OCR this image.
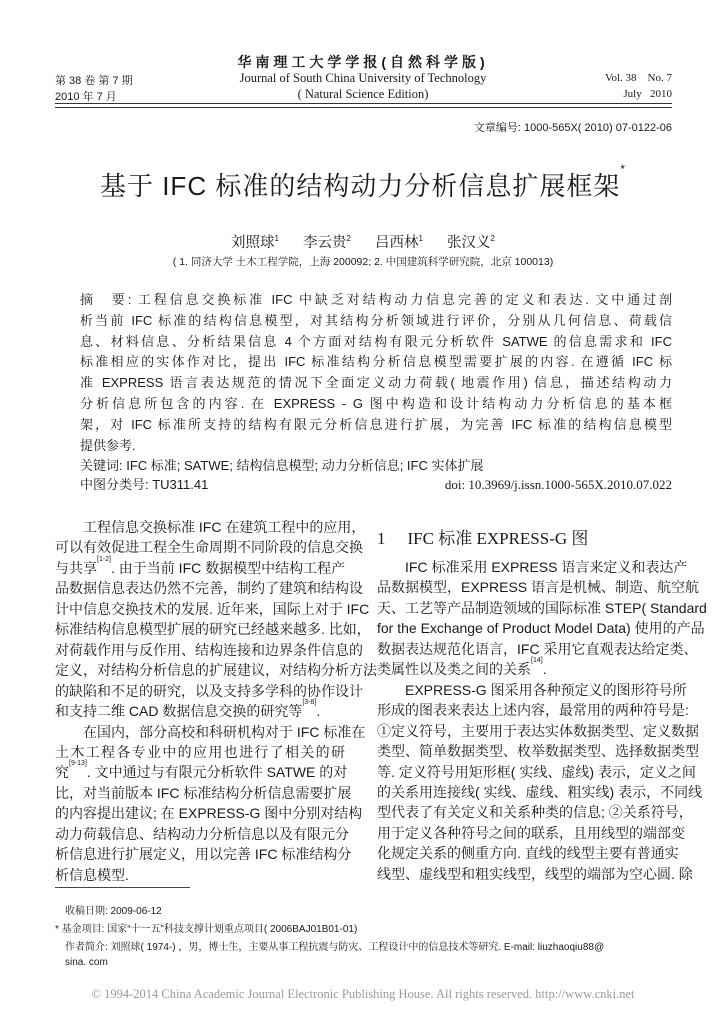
华南理工大学学报(自然科学版)
Journal of South China University of Technology
( Natural Science Edition)
第 38 卷 第 7 期
2010 年 7 月
Vol. 38    No. 7
July   2010
文章编号: 1000-565X( 2010) 07-0122-06
基于 IFC 标准的结构动力分析信息扩展框架*
刘照球$^1$ 李云贵$^2$ 吕西林$^1$ 张汉义$^2$
( 1. 同济大学 土木工程学院，上海 200092; 2. 中国建筑科学研究院，北京 100013)
摘　要: 工程信息交换标准 IFC 中缺乏对结构动力信息完善的定义和表达. 文中通过剖
析当前 IFC 标准的结构信息模型，对其结构分析领域进行评价，分别从几何信息、荷载信
息、材料信息、分析结果信息 4 个方面对结构有限元分析软件 SATWE 的信息需求和 IFC
标准相应的实体作对比，提出 IFC 标准结构分析信息模型需要扩展的内容. 在遵循 IFC 标
准 EXPRESS 语言表达规范的情况下全面定义动力荷载( 地震作用) 信息，描述结构动力
分析信息所包含的内容. 在 EXPRESS - G 图中构造和设计结构动力分析信息的基本框
架，对 IFC 标准所支持的结构有限元分析信息进行扩展，为完善 IFC 标准的结构信息模型
提供参考.
关键词: IFC 标准; SATWE; 结构信息模型; 动力分析信息; IFC 实体扩展
中图分类号: TU311.41	doi: 10.3969/j.issn.1000-565X.2010.07.022
工程信息交换标准 IFC 在建筑工程中的应用，
可以有效促进工程全生命周期不同阶段的信息交换
与共享[1-2]. 由于当前 IFC 数据模型中结构工程产
品数据信息表达仍然不完善，制约了建筑和结构设
计中信息交换技术的发展. 近年来，国际上对于 IFC
标准结构信息模型扩展的研究已经越来越多. 比如，
对荷载作用与反作用、结构连接和边界条件信息的
定义，对结构分析信息的扩展建议，对结构分析方法
的缺陷和不足的研究，以及支持多学科的协作设计
和支持二维 CAD 数据信息交换的研究等[3-8].
在国内，部分高校和科研机构对于 IFC 标准在
土木工程各专业中的应用也进行了相关的研
究[9-13]. 文中通过与有限元分析软件 SATWE 的对
比，对当前版本 IFC 标准结构分析信息需要扩展
的内容提出建议; 在 EXPRESS-G 图中分别对结构
动力荷载信息、结构动力分析信息以及有限元分
析信息进行扩展定义，用以完善 IFC 标准结构分
析信息模型.
1 IFC 标准 EXPRESS-G 图
IFC 标准采用 EXPRESS 语言来定义和表达产
品数据模型，EXPRESS 语言是机械、制造、航空航
天、工艺等产品制造领域的国际标准 STEP( Standard
for the Exchange of Product Model Data) 使用的产品
数据表达规范化语言，IFC 采用它直观表达给定类、
类属性以及类之间的关系[14].
EXPRESS-G 图采用各种预定义的图形符号所
形成的图表来表达上述内容，最常用的两种符号是:
①定义符号，主要用于表达实体数据类型、定义数据
类型、简单数据类型、枚举数据类型、选择数据类型
等. 定义符号用矩形框( 实线、虚线) 表示，定义之间
的关系用连接线( 实线、虚线、粗实线) 表示，不同线
型代表了有关定义和关系种类的信息; ②关系符号，
用于定义各种符号之间的联系，且用线型的端部变
化规定关系的侧重方向. 直线的线型主要有普通实
线型、虚线型和粗实线型，线型的端部为空心圆. 除
收稿日期: 2009-06-12
* 基金项目: 国家“十一五”科技支撑计划重点项目( 2006BAJ01B01-01)
作者简介: 刘照球( 1974-) ，男，博士生，主要从事工程抗震与防灾、工程设计中的信息技术等研究. E-mail: liuzhaoqiu88@
sina. com
© 1994-2014 China Academic Journal Electronic Publishing House. All rights reserved. http://www.cnki.net
